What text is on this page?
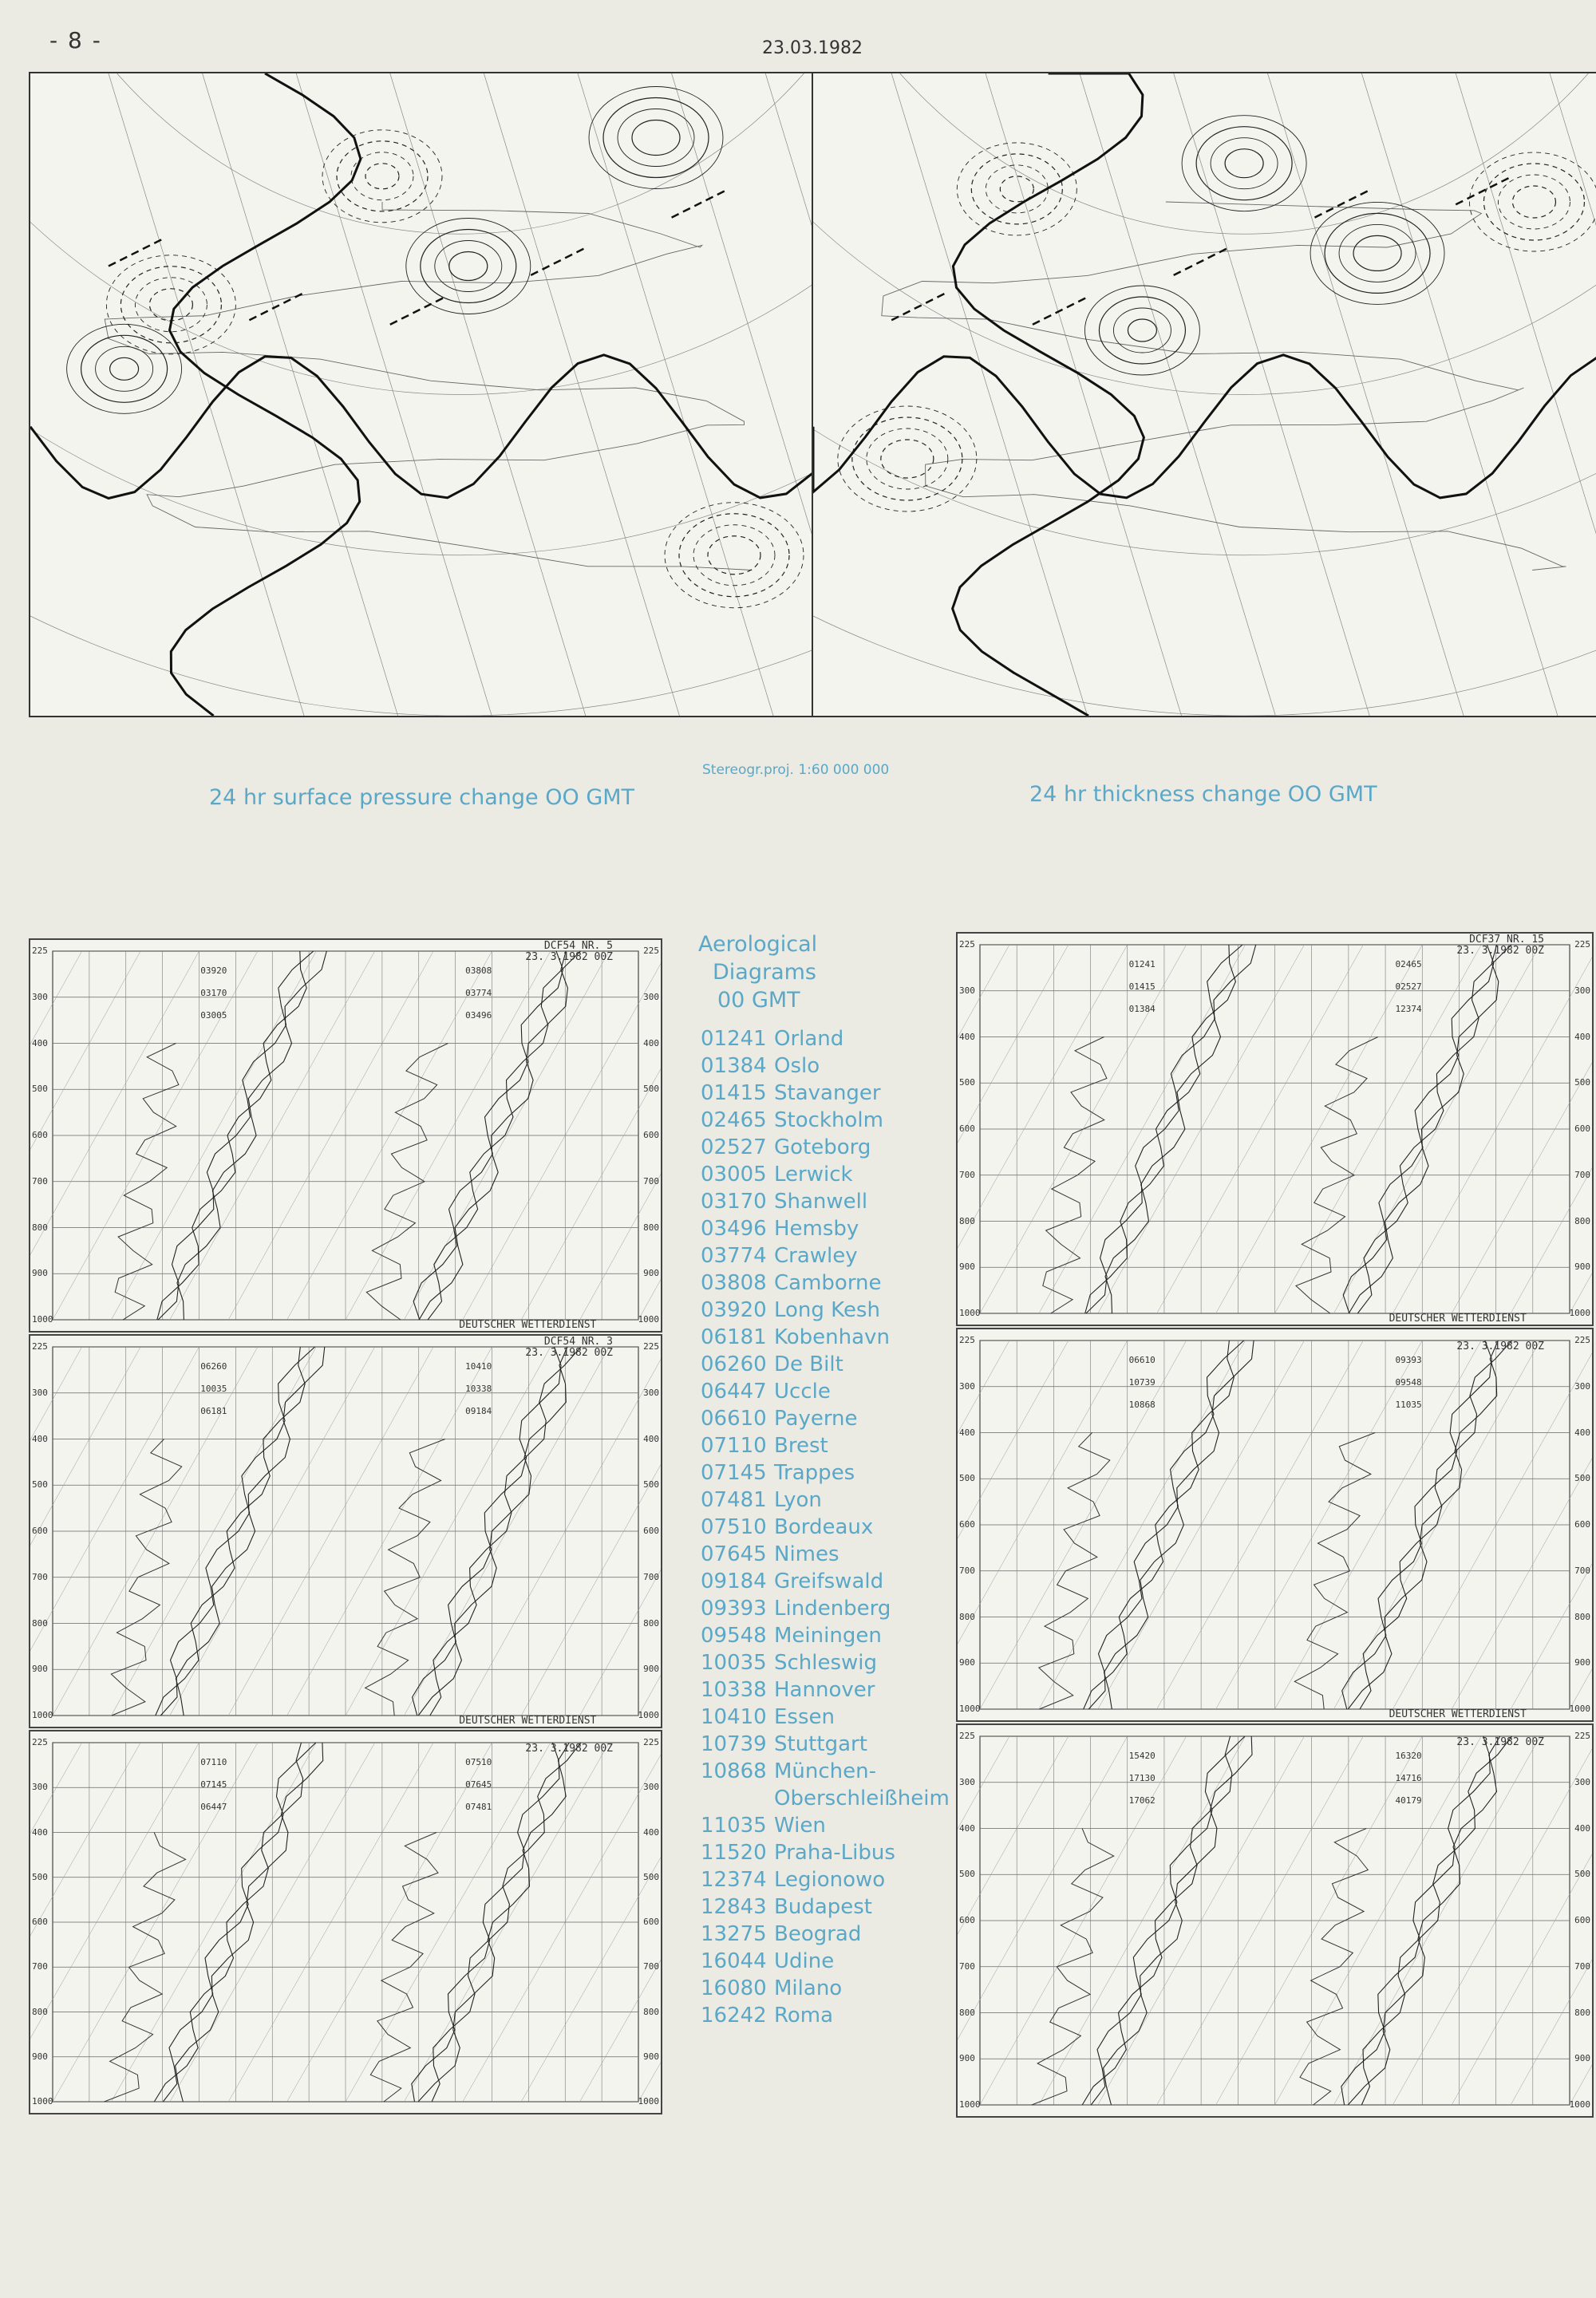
- 8 -	23.03.1982
24 hr surface pressure change OO GMT
Stereogr.proj. 1:60 000 000
24 hr thickness change OO GMT
DCF54 NR. 5
23. 3.1982 00Z
03920
03170
03005
03808
03774
03496
DEUTSCHER WETTERDIENST
225	225
300	300
400	400
500	500
600	600
700	700
800	800
900	900
1000	1000
DCF54 NR. 3
23. 3.1982 00Z
06260
10035
06181
10410
10338
09184
DEUTSCHER WETTERDIENST
225	225
300	300
400	400
500	500
600	600
700	700
800	800
900	900
1000	1000
23. 3.1982 00Z
07110
07145
06447
07510
07645
07481
225	225
300	300
400	400
500	500
600	600
700	700
800	800
900	900
1000	1000
DCF37 NR. 15
23. 3.1982 00Z
01241
01415
01384
02465
02527
12374
DEUTSCHER WETTERDIENST
225	225
300	300
400	400
500	500
600	600
700	700
800	800
900	900
1000	1000
23. 3.1982 00Z
06610
10739
10868
09393
09548
11035
DEUTSCHER WETTERDIENST
225	225
300	300
400	400
500	500
600	600
700	700
800	800
900	900
1000	1000
23. 3.1982 00Z
15420
17130
17062
16320
14716
40179
225	225
300	300
400	400
500	500
600	600
700	700
800	800
900	900
1000	1000
Aerological
Diagrams
00 GMT
01241 Orland
01384 Oslo
01415 Stavanger
02465 Stockholm
02527 Goteborg
03005 Lerwick
03170 Shanwell
03496 Hemsby
03774 Crawley
03808 Camborne
03920 Long Kesh
06181 Kobenhavn
06260 De Bilt
06447 Uccle
06610 Payerne
07110 Brest
07145 Trappes
07481 Lyon
07510 Bordeaux
07645 Nimes
09184 Greifswald
09393 Lindenberg
09548 Meiningen
10035 Schleswig
10338 Hannover
10410 Essen
10739 Stuttgart
10868 München-
Oberschleißheim
11035 Wien
11520 Praha-Libus
12374 Legionowo
12843 Budapest
13275 Beograd
16044 Udine
16080 Milano
16242 Roma
